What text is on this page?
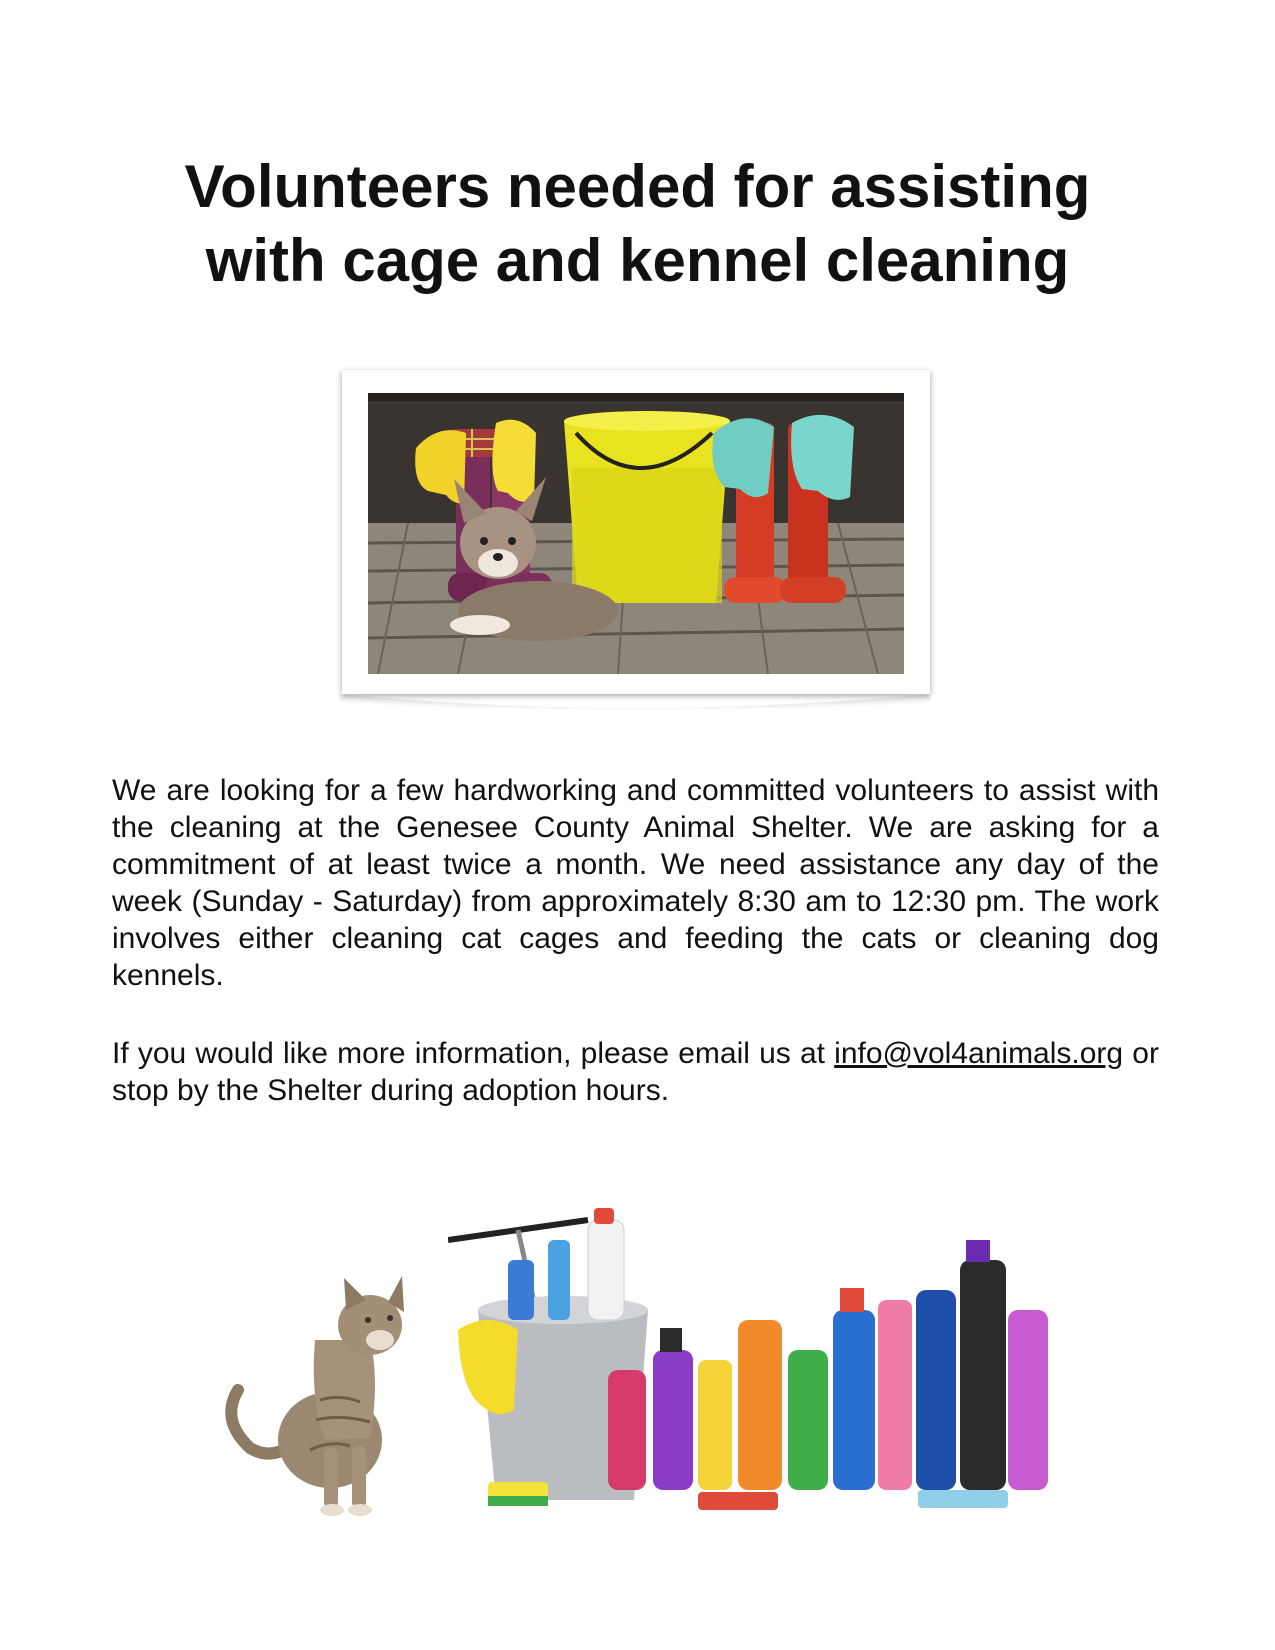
Volunteers needed for assisting
with cage and kennel cleaning

We are looking for a few hardworking and committed volunteers to assist with the cleaning at the Genesee County Animal Shelter. We are asking for a commitment of at least twice a month. We need assistance any day of the week (Sunday - Saturday) from approximately 8:30 am to 12:30 pm. The work involves either cleaning cat cages and feeding the cats or cleaning dog kennels.

If you would like more information, please email us at info@vol4animals.org or stop by the Shelter during adoption hours.
